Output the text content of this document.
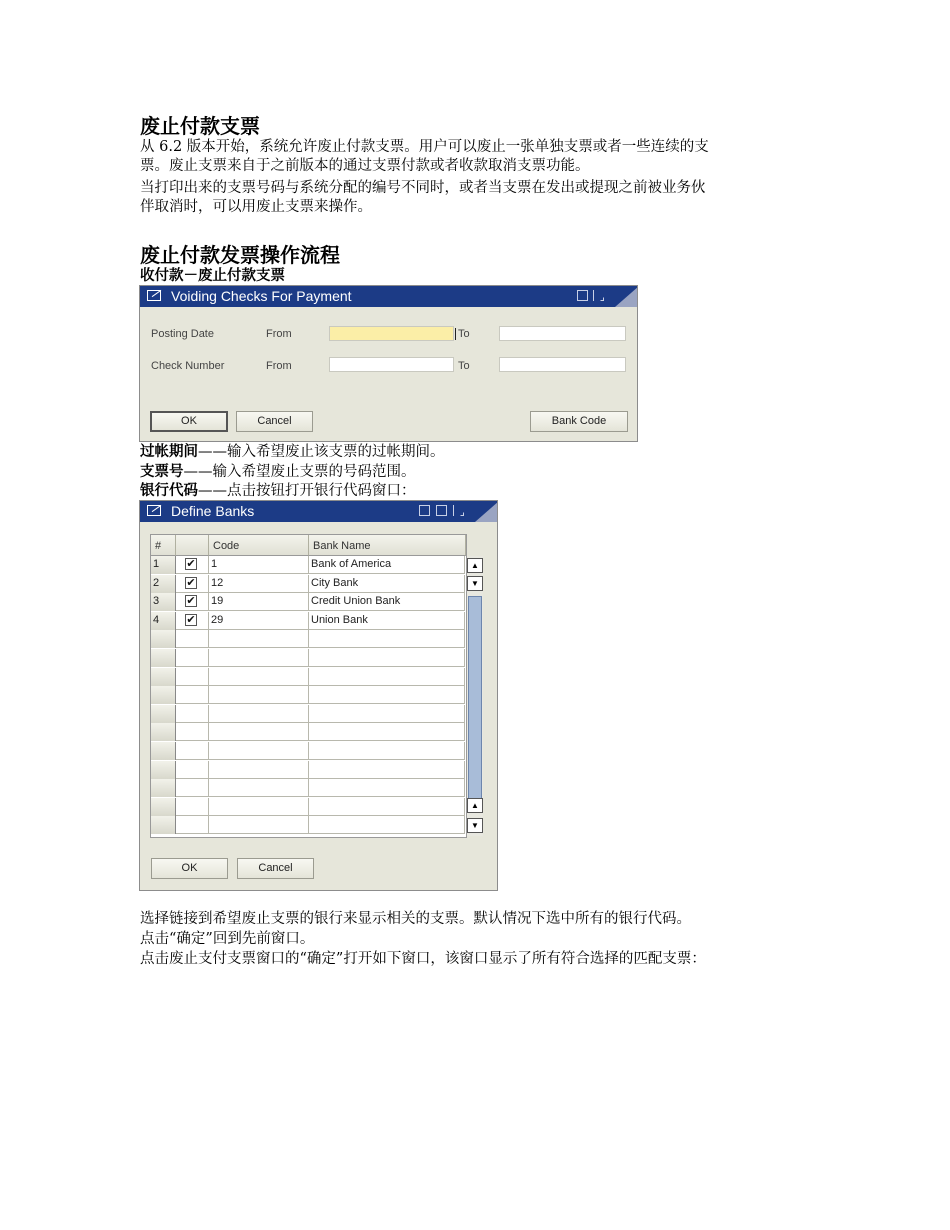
废止付款支票
从 6.2 版本开始，系统允许废止付款支票。用户可以废止一张单独支票或者一些连续的支
票。废止支票来自于之前版本的通过支票付款或者收款取消支票功能。
当打印出来的支票号码与系统分配的编号不同时，或者当支票在发出或提现之前被业务伙
伴取消时，可以用废止支票来操作。
废止付款发票操作流程
收付款－废止付款支票
Voiding Checks For Payment
Posting Date	From	To
Check Number	From	To
OK	Cancel	Bank Code
过帐期间——输入希望废止该支票的过帐期间。
支票号——输入希望废止支票的号码范围。
银行代码——点击按钮打开银行代码窗口：
Define Banks
#	Code	Bank Name
1	✔ 1	Bank of America
2	✔ 12	City Bank
3	✔ 19	Credit Union Bank
4	✔ 29	Union Bank
▲
▼
▲
▼
OK	Cancel
选择链接到希望废止支票的银行来显示相关的支票。默认情况下选中所有的银行代码。
点击“确定”回到先前窗口。
点击废止支付支票窗口的“确定”打开如下窗口，该窗口显示了所有符合选择的匹配支票：
